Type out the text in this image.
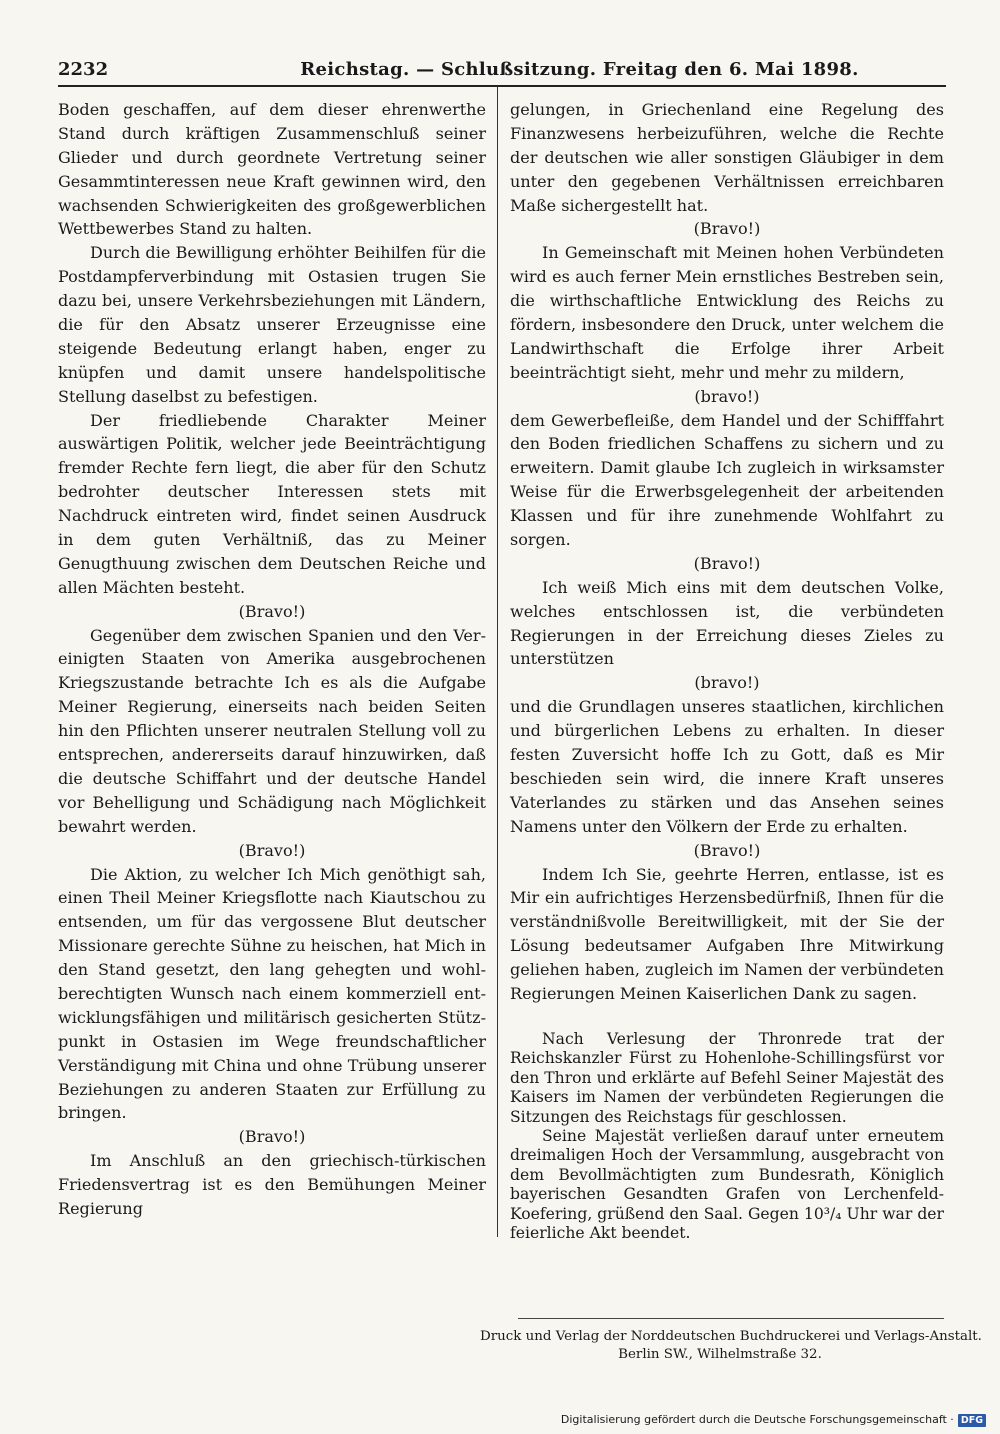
2232	Reichstag. — Schlußsitzung. Freitag den 6. Mai 1898.

Boden geschaffen, auf dem dieser ehrenwerthe Stand durch kräftigen Zusammenschluß seiner Glieder und durch geordnete Vertretung seiner Gesammtinteressen neue Kraft gewinnen wird, den wachsenden Schwierigkeiten des großgewerblichen Wettbewerbes Stand zu halten.

Durch die Bewilligung erhöhter Beihilfen für die Postdampferverbindung mit Ostasien trugen Sie dazu bei, unsere Verkehrsbeziehungen mit Ländern, die für den Absatz unserer Erzeugnisse eine steigende Bedeutung erlangt haben, enger zu knüpfen und damit unsere handelspolitische Stellung daselbst zu befestigen.

Der friedliebende Charakter Meiner auswärtigen Politik, welcher jede Beeinträchtigung fremder Rechte fern liegt, die aber für den Schutz bedrohter deutscher Interessen stets mit Nachdruck eintreten wird, findet seinen Ausdruck in dem guten Verhältniß, das zu Meiner Genugthuung zwischen dem Deutschen Reiche und allen Mächten besteht.

(Bravo!)

Gegenüber dem zwischen Spanien und den Vereinigten Staaten von Amerika ausgebrochenen Kriegszustande betrachte Ich es als die Aufgabe Meiner Regierung, einerseits nach beiden Seiten hin den Pflichten unserer neutralen Stellung voll zu entsprechen, andererseits darauf hinzuwirken, daß die deutsche Schiffahrt und der deutsche Handel vor Behelligung und Schädigung nach Möglichkeit bewahrt werden.

(Bravo!)

Die Aktion, zu welcher Ich Mich genöthigt sah, einen Theil Meiner Kriegsflotte nach Kiautschou zu entsenden, um für das vergossene Blut deutscher Missionare gerechte Sühne zu heischen, hat Mich in den Stand gesetzt, den lang gehegten und wohlberechtigten Wunsch nach einem kommerziell entwicklungsfähigen und militärisch gesicherten Stützpunkt in Ostasien im Wege freundschaftlicher Verständigung mit China und ohne Trübung unserer Beziehungen zu anderen Staaten zur Erfüllung zu bringen.

(Bravo!)

Im Anschluß an den griechisch-türkischen Friedensvertrag ist es den Bemühungen Meiner Regierung

gelungen, in Griechenland eine Regelung des Finanzwesens herbeizuführen, welche die Rechte der deutschen wie aller sonstigen Gläubiger in dem unter den gegebenen Verhältnissen erreichbaren Maße sichergestellt hat.

(Bravo!)

In Gemeinschaft mit Meinen hohen Verbündeten wird es auch ferner Mein ernstliches Bestreben sein, die wirthschaftliche Entwicklung des Reichs zu fördern, insbesondere den Druck, unter welchem die Landwirthschaft die Erfolge ihrer Arbeit beeinträchtigt sieht, mehr und mehr zu mildern,

(bravo!)

dem Gewerbefleiße, dem Handel und der Schifffahrt den Boden friedlichen Schaffens zu sichern und zu erweitern. Damit glaube Ich zugleich in wirksamster Weise für die Erwerbsgelegenheit der arbeitenden Klassen und für ihre zunehmende Wohlfahrt zu sorgen.

(Bravo!)

Ich weiß Mich eins mit dem deutschen Volke, welches entschlossen ist, die verbündeten Regierungen in der Erreichung dieses Zieles zu unterstützen

(bravo!)

und die Grundlagen unseres staatlichen, kirchlichen und bürgerlichen Lebens zu erhalten. In dieser festen Zuversicht hoffe Ich zu Gott, daß es Mir beschieden sein wird, die innere Kraft unseres Vaterlandes zu stärken und das Ansehen seines Namens unter den Völkern der Erde zu erhalten.

(Bravo!)

Indem Ich Sie, geehrte Herren, entlasse, ist es Mir ein aufrichtiges Herzensbedürfniß, Ihnen für die verständnißvolle Bereitwilligkeit, mit der Sie der Lösung bedeutsamer Aufgaben Ihre Mitwirkung geliehen haben, zugleich im Namen der verbündeten Regierungen Meinen Kaiserlichen Dank zu sagen.

Nach Verlesung der Thronrede trat der Reichskanzler Fürst zu Hohenlohe-Schillingsfürst vor den Thron und erklärte auf Befehl Seiner Majestät des Kaisers im Namen der verbündeten Regierungen die Sitzungen des Reichstags für geschlossen.

Seine Majestät verließen darauf unter erneutem dreimaligen Hoch der Versammlung, ausgebracht von dem Bevollmächtigten zum Bundesrath, Königlich bayerischen Gesandten Grafen von Lerchenfeld-Koefering, grüßend den Saal. Gegen 10³/₄ Uhr war der feierliche Akt beendet.

Druck und Verlag der Norddeutschen Buchdruckerei und Verlags-Anstalt.
Berlin SW., Wilhelmstraße 32.
Digitalisierung gefördert durch die Deutsche Forschungsgemeinschaft · DFG
